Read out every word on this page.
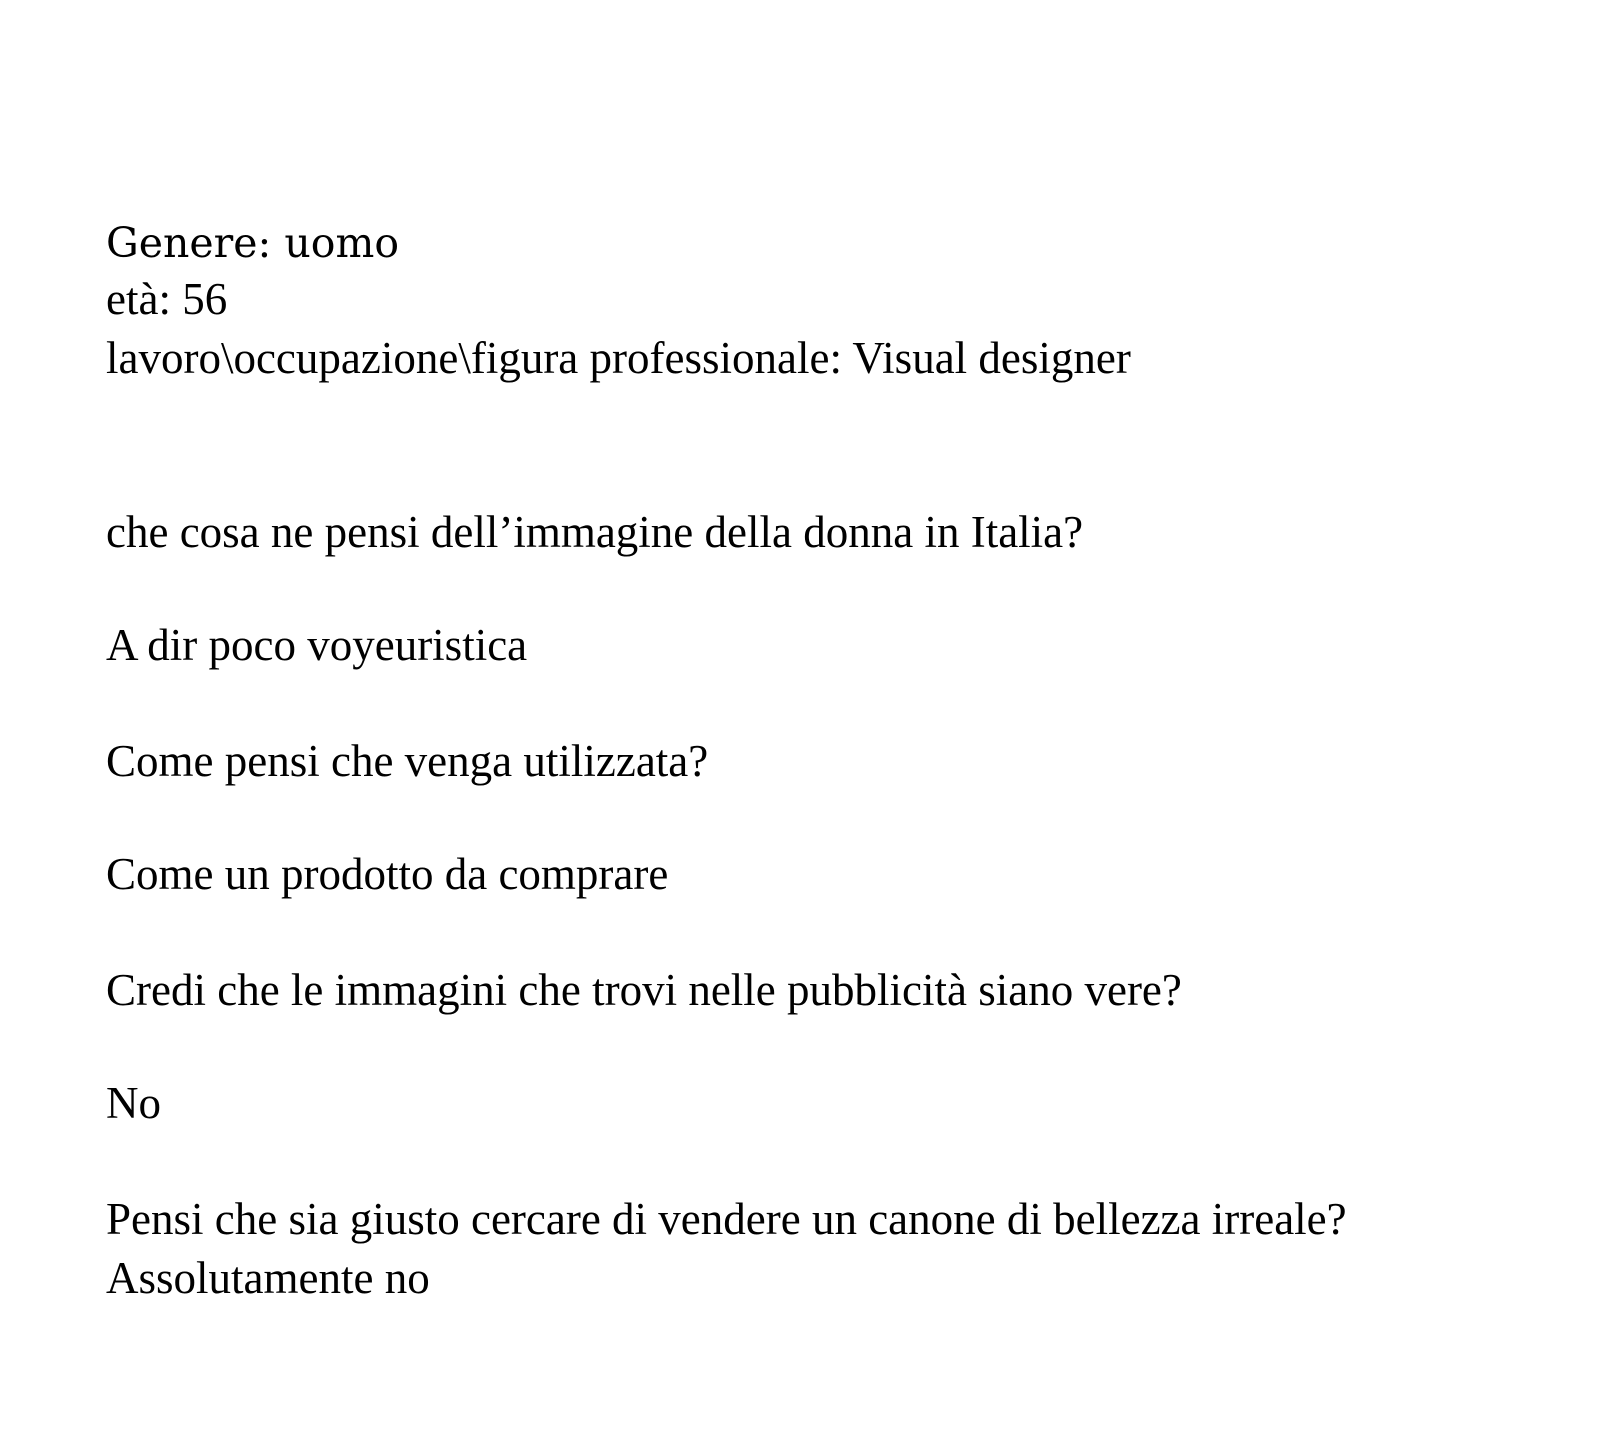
Genere: uomo

età: 56

lavoro\occupazione\figura professionale: Visual designer

che cosa ne pensi dell’immagine della donna in Italia?

A dir poco voyeuristica

Come pensi che venga utilizzata?

Come un prodotto da comprare

Credi che le immagini che trovi nelle pubblicità siano vere?

No

Pensi che sia giusto cercare di vendere un canone di bellezza irreale?

Assolutamente no
